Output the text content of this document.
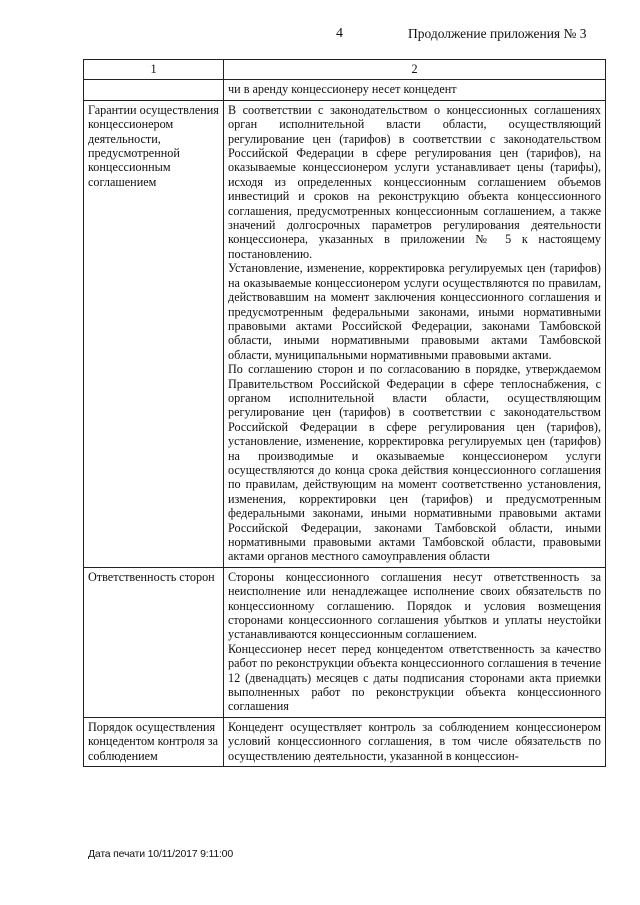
4	Продолжение приложения № 3
1	2

	чи в аренду концессионеру несет концедент

Гарантии осуществления концессионером деятельности, предусмотренной концессионным соглашением	В соответствии с законодательством о концессионных соглашениях орган исполнительной власти области, осуществляющий регулирование цен (тарифов) в соответствии с законодательством Российской Федерации в сфере регулирования цен (тарифов), на оказываемые концессионером услуги устанавливает цены (тарифы), исходя из определенных концессионным соглашением объемов инвестиций и сроков на реконструкцию объекта концессионного соглашения, предусмотренных концессионным соглашением, а также значений долгосрочных параметров регулирования деятельности концессионера, указанных в приложении № 5 к настоящему постановлению.

Установление, изменение, корректировка регулируемых цен (тарифов) на оказываемые концессионером услуги осуществляются по правилам, действовавшим на момент заключения концессионного соглашения и предусмотренным федеральными законами, иными нормативными правовыми актами Российской Федерации, законами Тамбовской области, иными нормативными правовыми актами Тамбовской области, муниципальными нормативными правовыми актами.

По соглашению сторон и по согласованию в порядке, утверждаемом Правительством Российской Федерации в сфере теплоснабжения, с органом исполнительной власти области, осуществляющим регулирование цен (тарифов) в соответствии с законодательством Российской Федерации в сфере регулирования цен (тарифов), установление, изменение, корректировка регулируемых цен (тарифов) на производимые и оказываемые концессионером услуги осуществляются до конца срока действия концессионного соглашения по правилам, действующим на момент соответственно установления, изменения, корректировки цен (тарифов) и предусмотренным федеральными законами, иными нормативными правовыми актами Российской Федерации, законами Тамбовской области, иными нормативными правовыми актами Тамбовской области, правовыми актами органов местного самоуправления области

Ответственность сторон	Стороны концессионного соглашения несут ответственность за неисполнение или ненадлежащее исполнение своих обязательств по концессионному соглашению. Порядок и условия возмещения сторонами концессионного соглашения убытков и уплаты неустойки устанавливаются концессионным соглашением.

Концессионер несет перед концедентом ответственность за качество работ по реконструкции объекта концессионного соглашения в течение 12 (двенадцать) месяцев с даты подписания сторонами акта приемки выполненных работ по реконструкции объекта концессионного соглашения

Порядок осуществления концедентом контроля за соблюдением	Концедент осуществляет контроль за соблюдением концессионером условий концессионного соглашения, в том числе обязательств по осуществлению деятельности, указанной в концессион-

Дата печати 10/11/2017 9:11:00
